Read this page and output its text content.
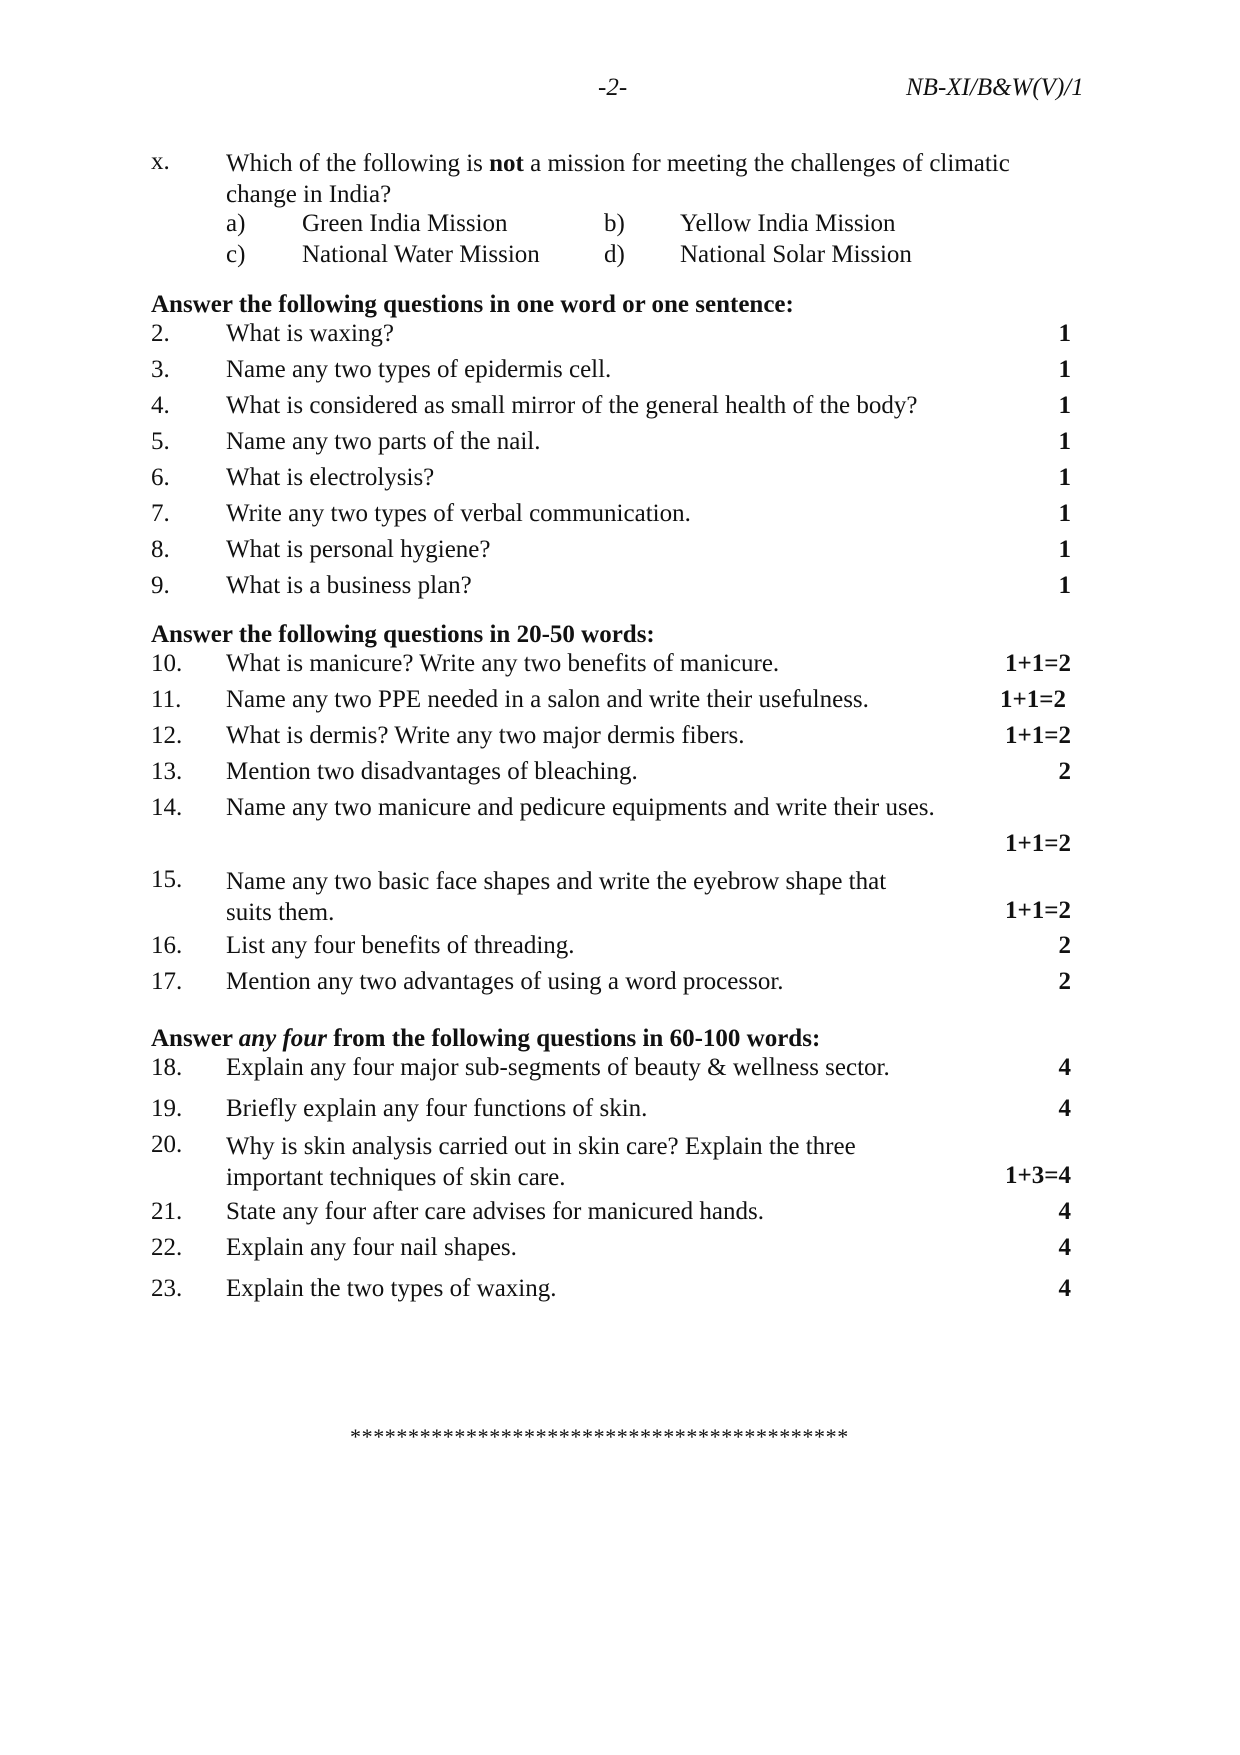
-2-	NB-XI/B&W(V)/1
x. Which of the following is not a mission for meeting the challenges of climatic change in India?
a) Green India Mission	b) Yellow India Mission
c) National Water Mission	d) National Solar Mission
Answer the following questions in one word or one sentence:
2. What is waxing?	1
3. Name any two types of epidermis cell.	1
4. What is considered as small mirror of the general health of the body?	1
5. Name any two parts of the nail.	1
6. What is electrolysis?	1
7. Write any two types of verbal communication.	1
8. What is personal hygiene?	1
9. What is a business plan?	1
Answer the following questions in 20-50 words:
10. What is manicure? Write any two benefits of manicure.	1+1=2
11. Name any two PPE needed in a salon and write their usefulness.	1+1=2
12. What is dermis? Write any two major dermis fibers.	1+1=2
13. Mention two disadvantages of bleaching.	2
14. Name any two manicure and pedicure equipments and write their uses.
1+1=2
15. Name any two basic face shapes and write the eyebrow shape that
suits them.	1+1=2
16. List any four benefits of threading.	2
17. Mention any two advantages of using a word processor.	2
Answer any four from the following questions in 60-100 words:
18. Explain any four major sub-segments of beauty & wellness sector.	4
19. Briefly explain any four functions of skin.	4
20. Why is skin analysis carried out in skin care? Explain the three
important techniques of skin care.	1+3=4
21. State any four after care advises for manicured hands.	4
22. Explain any four nail shapes.	4
23. Explain the two types of waxing.	4
*******************************************
